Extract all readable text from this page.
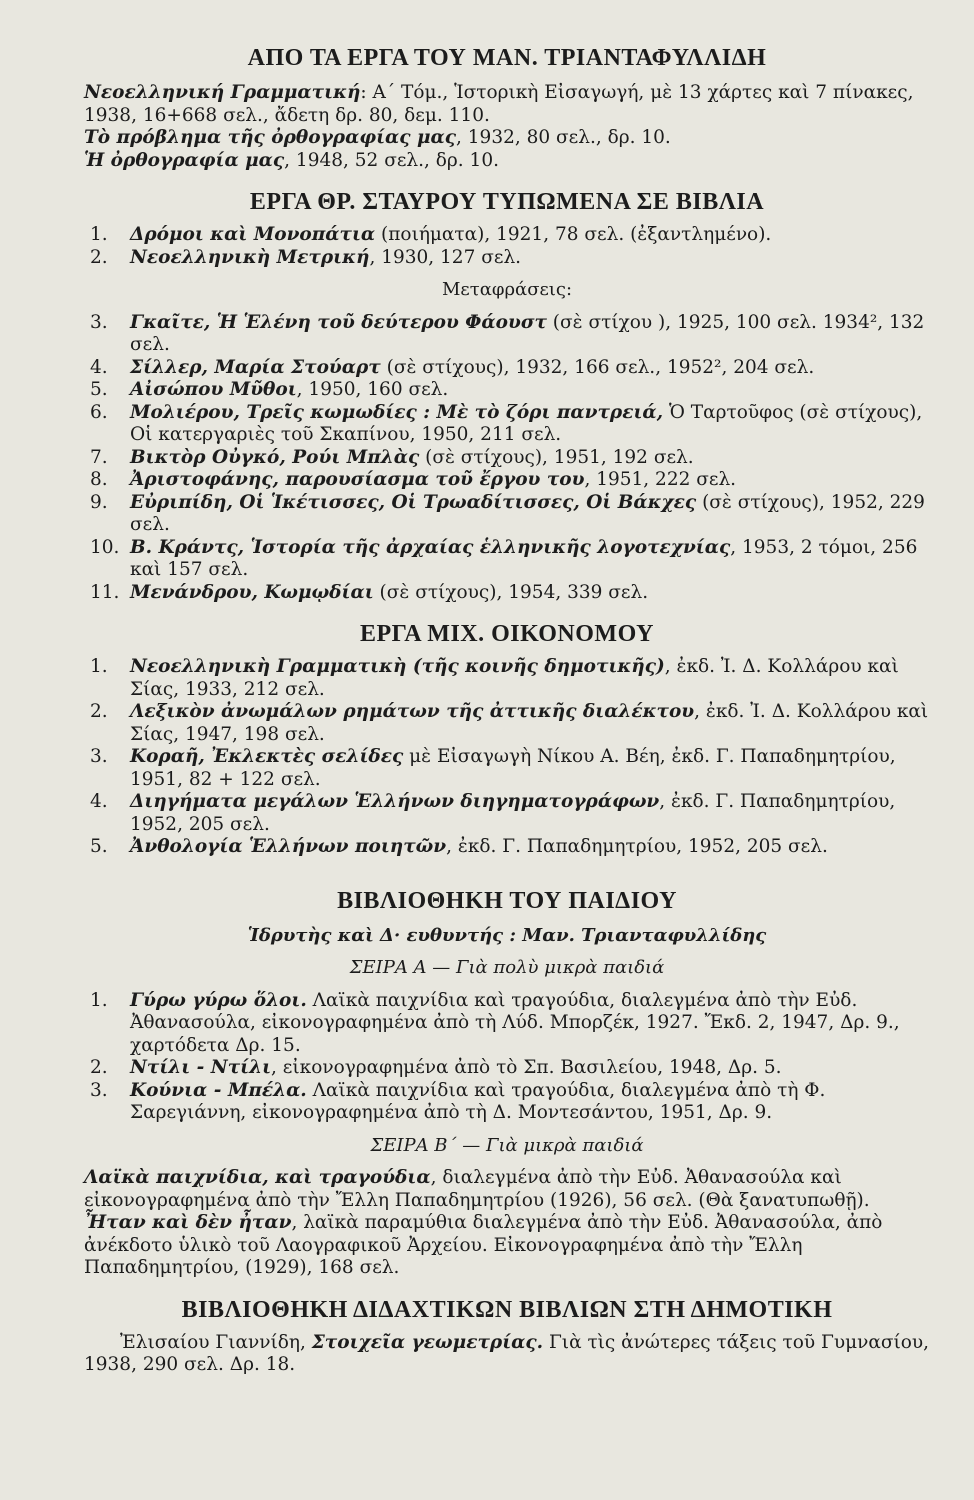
ΑΠΟ ΤΑ ΕΡΓΑ ΤΟΥ ΜΑΝ. ΤΡΙΑΝΤΑΦΥΛΛΙΔΗ

Νεοελληνική Γραμματική: Α΄ Τόμ., Ἱστορικὴ Εἰσαγωγή, μὲ 13 χάρτες καὶ 7 πίνακες, 1938, 16+668 σελ., ἄδετη δρ. 80, δεμ. 110.

Τὸ πρόβλημα τῆς ὀρθογραφίας μας, 1932, 80 σελ., δρ. 10.

Ἡ ὀρθογραφία μας, 1948, 52 σελ., δρ. 10.

ΕΡΓΑ ΘΡ. ΣΤΑΥΡΟΥ ΤΥΠΩΜΕΝΑ ΣΕ ΒΙΒΛΙΑ
1.	Δρόμοι καὶ Μονοπάτια (ποιήματα), 1921, 78 σελ. (ἐξαντλημένο).
2.	Νεοελληνικὴ Μετρική, 1930, 127 σελ.
Μεταφράσεις:
3.	Γκαῖτε, Ἡ Ἑλένη τοῦ δεύτερου Φάουστ (σὲ στίχου ), 1925, 100 σελ. 1934², 132 σελ.
4.	Σίλλερ, Μαρία Στούαρτ (σὲ στίχους), 1932, 166 σελ., 1952², 204 σελ.
5.	Αἰσώπου Μῦθοι, 1950, 160 σελ.
6.	Μολιέρου, Τρεῖς κωμωδίες : Μὲ τὸ ζόρι παντρειά, Ὁ Ταρτοῦφος (σὲ στίχους), Οἱ κατεργαριὲς τοῦ Σκαπίνου, 1950, 211 σελ.
7.	Βικτὸρ Οὐγκό, Ρούι Μπλὰς (σὲ στίχους), 1951, 192 σελ.
8.	Ἀριστοφάνης, παρουσίασμα τοῦ ἔργου του, 1951, 222 σελ.
9.	Εὐριπίδη, Οἱ Ἱκέτισσες, Οἱ Τρωαδίτισσες, Οἱ Βάκχες (σὲ στίχους), 1952, 229 σελ.
10. Β. Κράντς, Ἱστορία τῆς ἀρχαίας ἑλληνικῆς λογοτεχνίας, 1953, 2 τόμοι, 256 καὶ 157 σελ.
11. Μενάνδρου, Κωμῳδίαι (σὲ στίχους), 1954, 339 σελ.
ΕΡΓΑ ΜΙΧ. ΟΙΚΟΝΟΜΟΥ
1.	Νεοελληνικὴ Γραμματικὴ (τῆς κοινῆς δημοτικῆς), ἐκδ. Ἰ. Δ. Κολλάρου καὶ Σίας, 1933, 212 σελ.
2.	Λεξικὸν ἀνωμάλων ρημάτων τῆς ἀττικῆς διαλέκτου, ἐκδ. Ἰ. Δ. Κολλάρου καὶ Σίας, 1947, 198 σελ.
3.	Κοραῆ, Ἐκλεκτὲς σελίδες μὲ Εἰσαγωγὴ Νίκου Α. Βέη, ἐκδ. Γ. Παπαδημητρίου, 1951, 82 + 122 σελ.
4.	Διηγήματα μεγάλων Ἑλλήνων διηγηματογράφων, ἐκδ. Γ. Παπαδημητρίου, 1952, 205 σελ.
5.	Ἀνθολογία Ἑλλήνων ποιητῶν, ἐκδ. Γ. Παπαδημητρίου, 1952, 205 σελ.
ΒΙΒΛΙΟΘΗΚΗ ΤΟΥ ΠΑΙΔΙΟΥ
Ἱδρυτὴς καὶ Δ· ευθυντής : Μαν. Τριανταφυλλίδης
ΣΕΙΡΑ Α — Γιὰ πολὺ μικρὰ παιδιά
1.	Γύρω γύρω ὅλοι. Λαϊκὰ παιχνίδια καὶ τραγούδια, διαλεγμένα ἀπὸ τὴν Εὐδ. Ἀθανασούλα, εἰκονογραφημένα ἀπὸ τὴ Λύδ. Μπορζέκ, 1927. Ἔκδ. 2, 1947, Δρ. 9., χαρτόδετα Δρ. 15.
2.	Ντίλι - Ντίλι, εἰκονογραφημένα ἀπὸ τὸ Σπ. Βασιλείου, 1948, Δρ. 5.
3.	Κούνια - Μπέλα. Λαϊκὰ παιχνίδια καὶ τραγούδια, διαλεγμένα ἀπὸ τὴ Φ. Σαρεγιάννη, εἰκονογραφημένα ἀπὸ τὴ Δ. Μοντεσάντου, 1951, Δρ. 9.
ΣΕΙΡΑ Β΄ — Γιὰ μικρὰ παιδιά

Λαϊκὰ παιχνίδια, καὶ τραγούδια, διαλεγμένα ἀπὸ τὴν Εὐδ. Ἀθανασούλα καὶ εἰκονογραφημένα ἀπὸ τὴν Ἔλλη Παπαδημητρίου (1926), 56 σελ. (Θὰ ξανατυπωθῇ).

Ἦταν καὶ δὲν ἦταν, λαϊκὰ παραμύθια διαλεγμένα ἀπὸ τὴν Εὐδ. Ἀθανασούλα, ἀπὸ ἀνέκδοτο ὑλικὸ τοῦ Λαογραφικοῦ Ἀρχείου. Εἰκονογραφημένα ἀπὸ τὴν Ἔλλη Παπαδημητρίου, (1929), 168 σελ.

ΒΙΒΛΙΟΘΗΚΗ ΔΙΔΑΧΤΙΚΩΝ ΒΙΒΛΙΩΝ ΣΤΗ ΔΗΜΟΤΙΚΗ

Ἐλισαίου Γιαννίδη, Στοιχεῖα γεωμετρίας. Γιὰ τὶς ἀνώτερες τάξεις τοῦ Γυμνασίου, 1938, 290 σελ. Δρ. 18.
